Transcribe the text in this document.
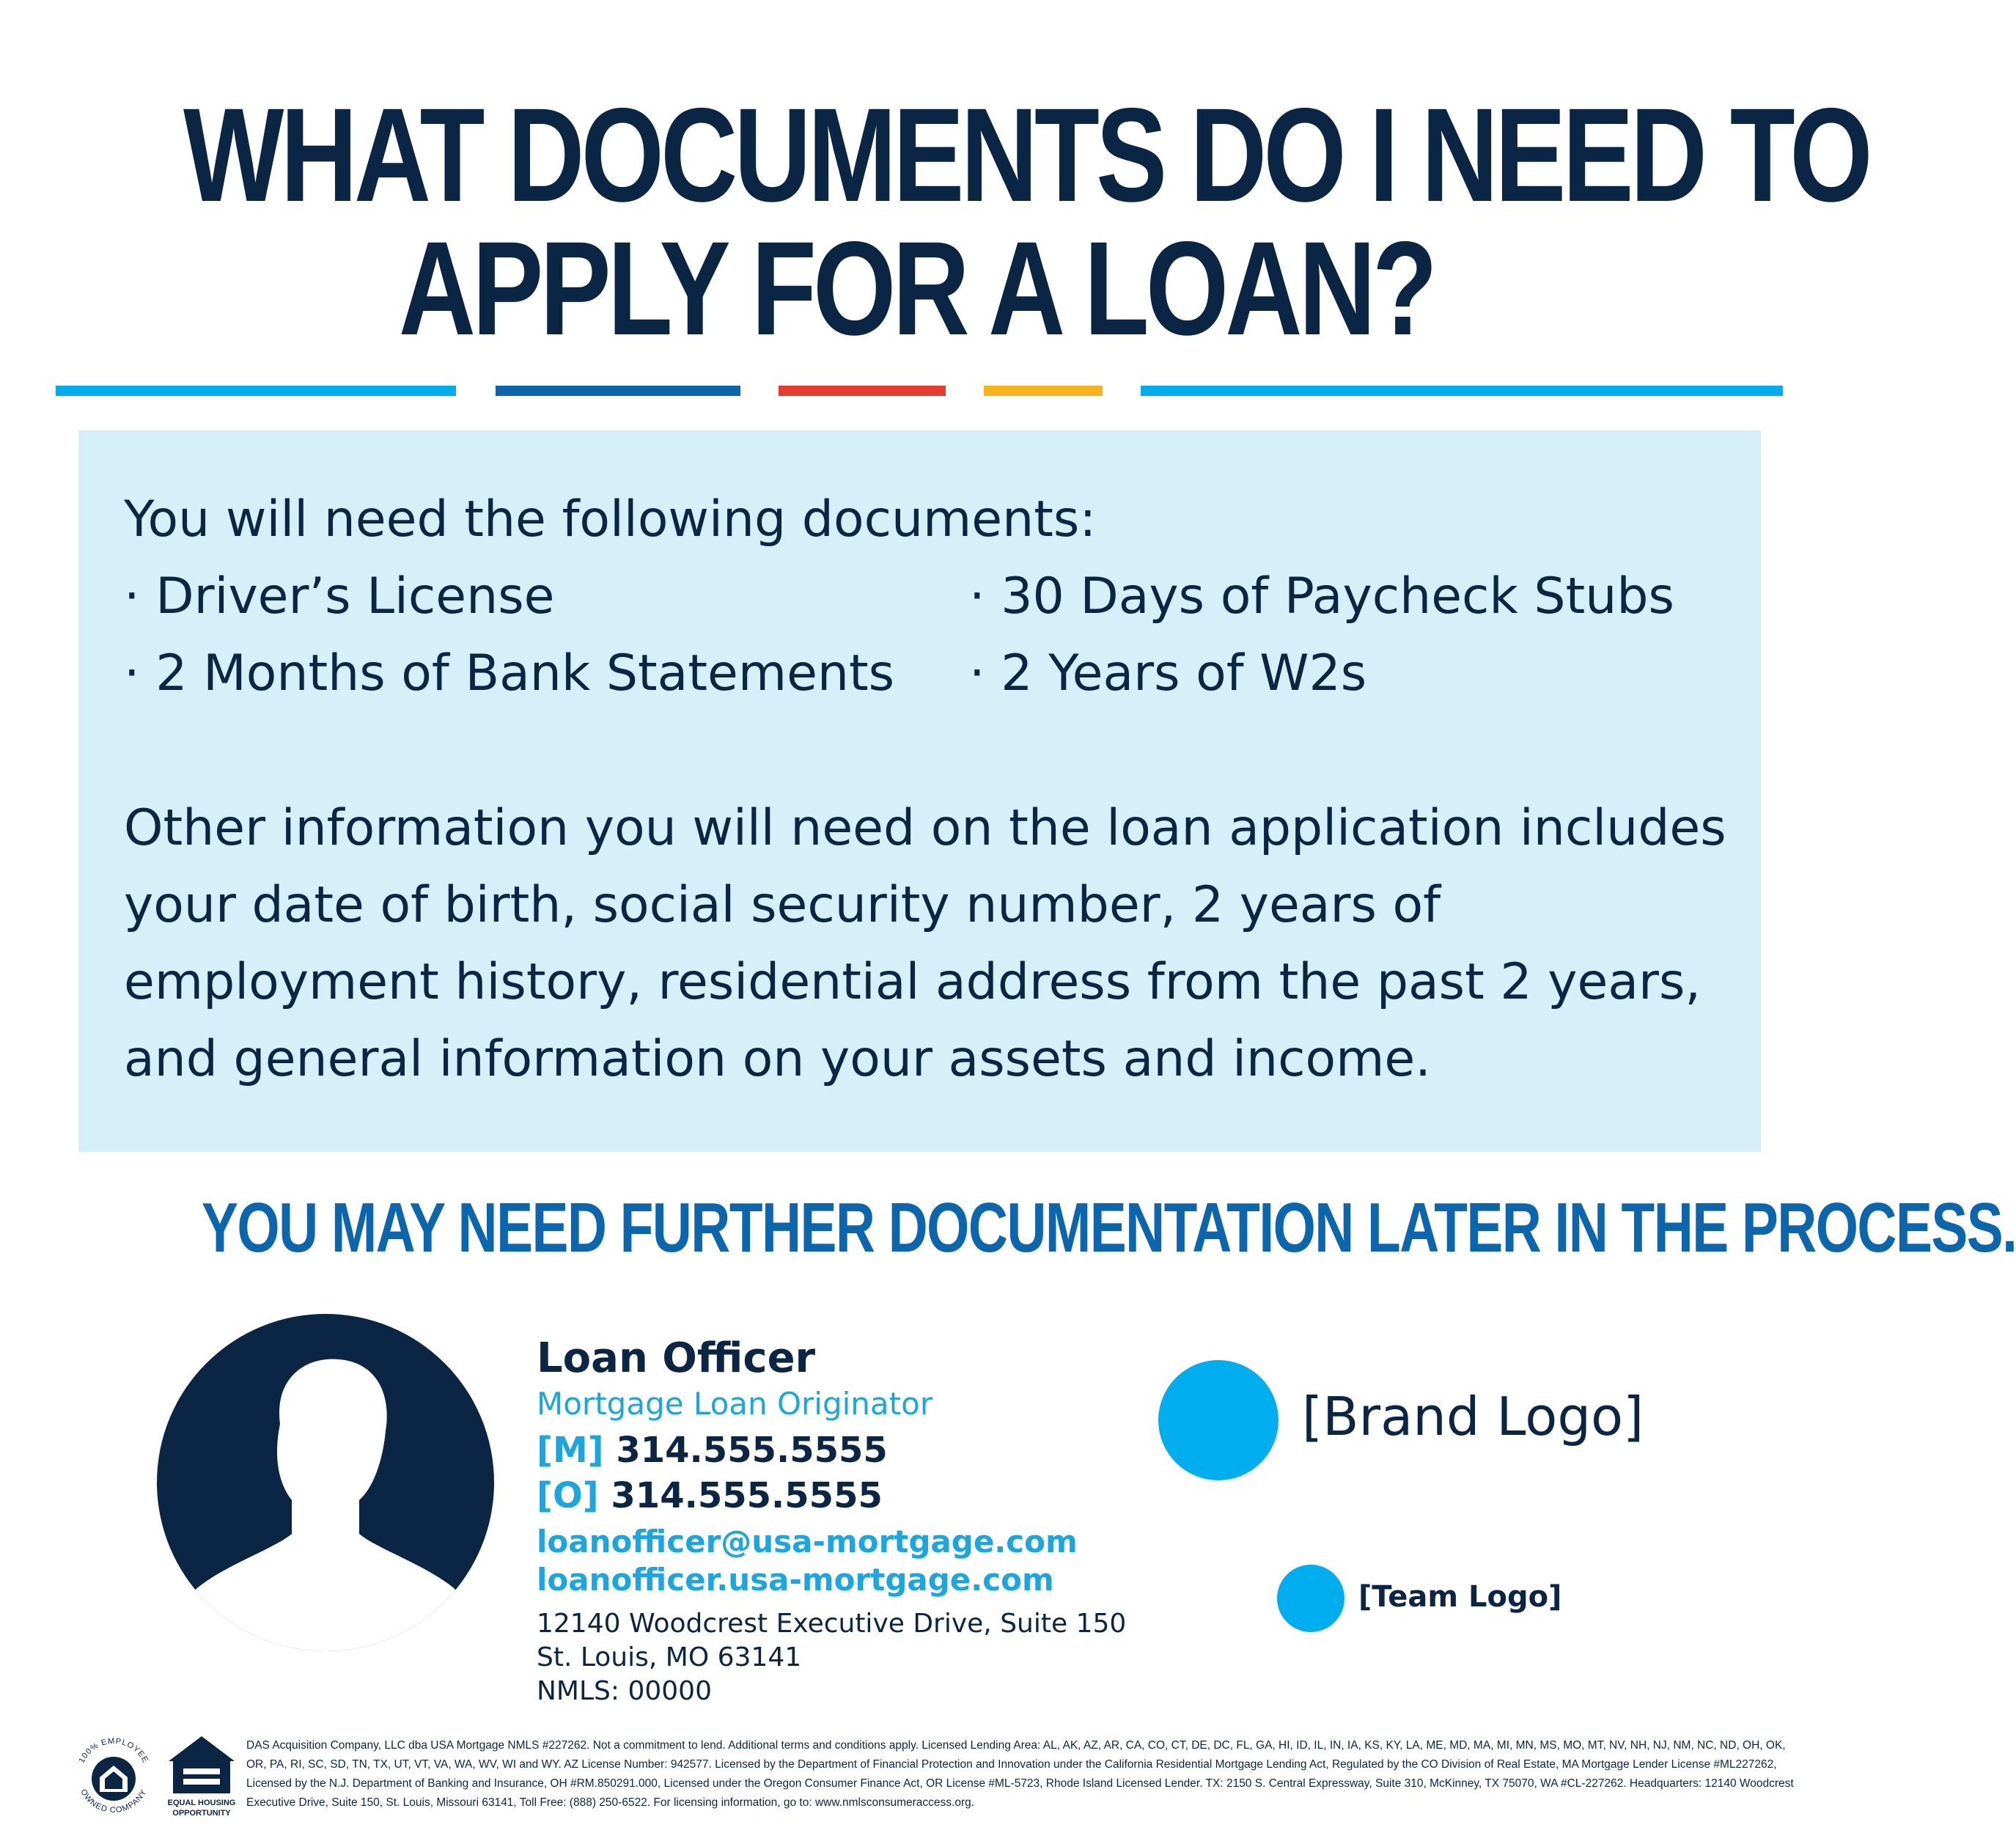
WHAT DOCUMENTS DO I NEED TO
APPLY FOR A LOAN?
You will need the following documents:
· Driver’s License	· 30 Days of Paycheck Stubs
· 2 Months of Bank Statements · 2 Years of W2s
Other information you will need on the loan application includes your date of birth, social security number, 2 years of employment history, residential address from the past 2 years, and general information on your assets and income.
YOU MAY NEED FURTHER DOCUMENTATION LATER IN THE PROCESS.
Loan Officer
Mortgage Loan Originator
[M] 314.555.5555
[O] 314.555.5555
loanofficer@usa-mortgage.com
loanofficer.usa-mortgage.com
12140 Woodcrest Executive Drive, Suite 150
St. Louis, MO 63141
NMLS: 00000
[Brand Logo]
[Team Logo]
100% EMPLOYEE
OWNED COMPANY
EQUAL HOUSING
OPPORTUNITY
DAS Acquisition Company, LLC dba USA Mortgage NMLS #227262. Not a commitment to lend. Additional terms and conditions apply. Licensed Lending Area: AL, AK, AZ, AR, CA, CO, CT, DE, DC, FL, GA, HI, ID, IL, IN, IA, KS, KY, LA, ME, MD, MA, MI, MN, MS, MO, MT, NV, NH, NJ, NM, NC, ND, OH, OK, OR, PA, RI, SC, SD, TN, TX, UT, VT, VA, WA, WV, WI and WY. AZ License Number: 942577. Licensed by the Department of Financial Protection and Innovation under the California Residential Mortgage Lending Act, Regulated by the CO Division of Real Estate, MA Mortgage Lender License #ML227262, Licensed by the N.J. Department of Banking and Insurance, OH #RM.850291.000, Licensed under the Oregon Consumer Finance Act, OR License #ML-5723, Rhode Island Licensed Lender. TX: 2150 S. Central Expressway, Suite 310, McKinney, TX 75070, WA #CL-227262. Headquarters: 12140 Woodcrest Executive Drive, Suite 150, St. Louis, Missouri 63141, Toll Free: (888) 250-6522. For licensing information, go to: www.nmlsconsumeraccess.org.
